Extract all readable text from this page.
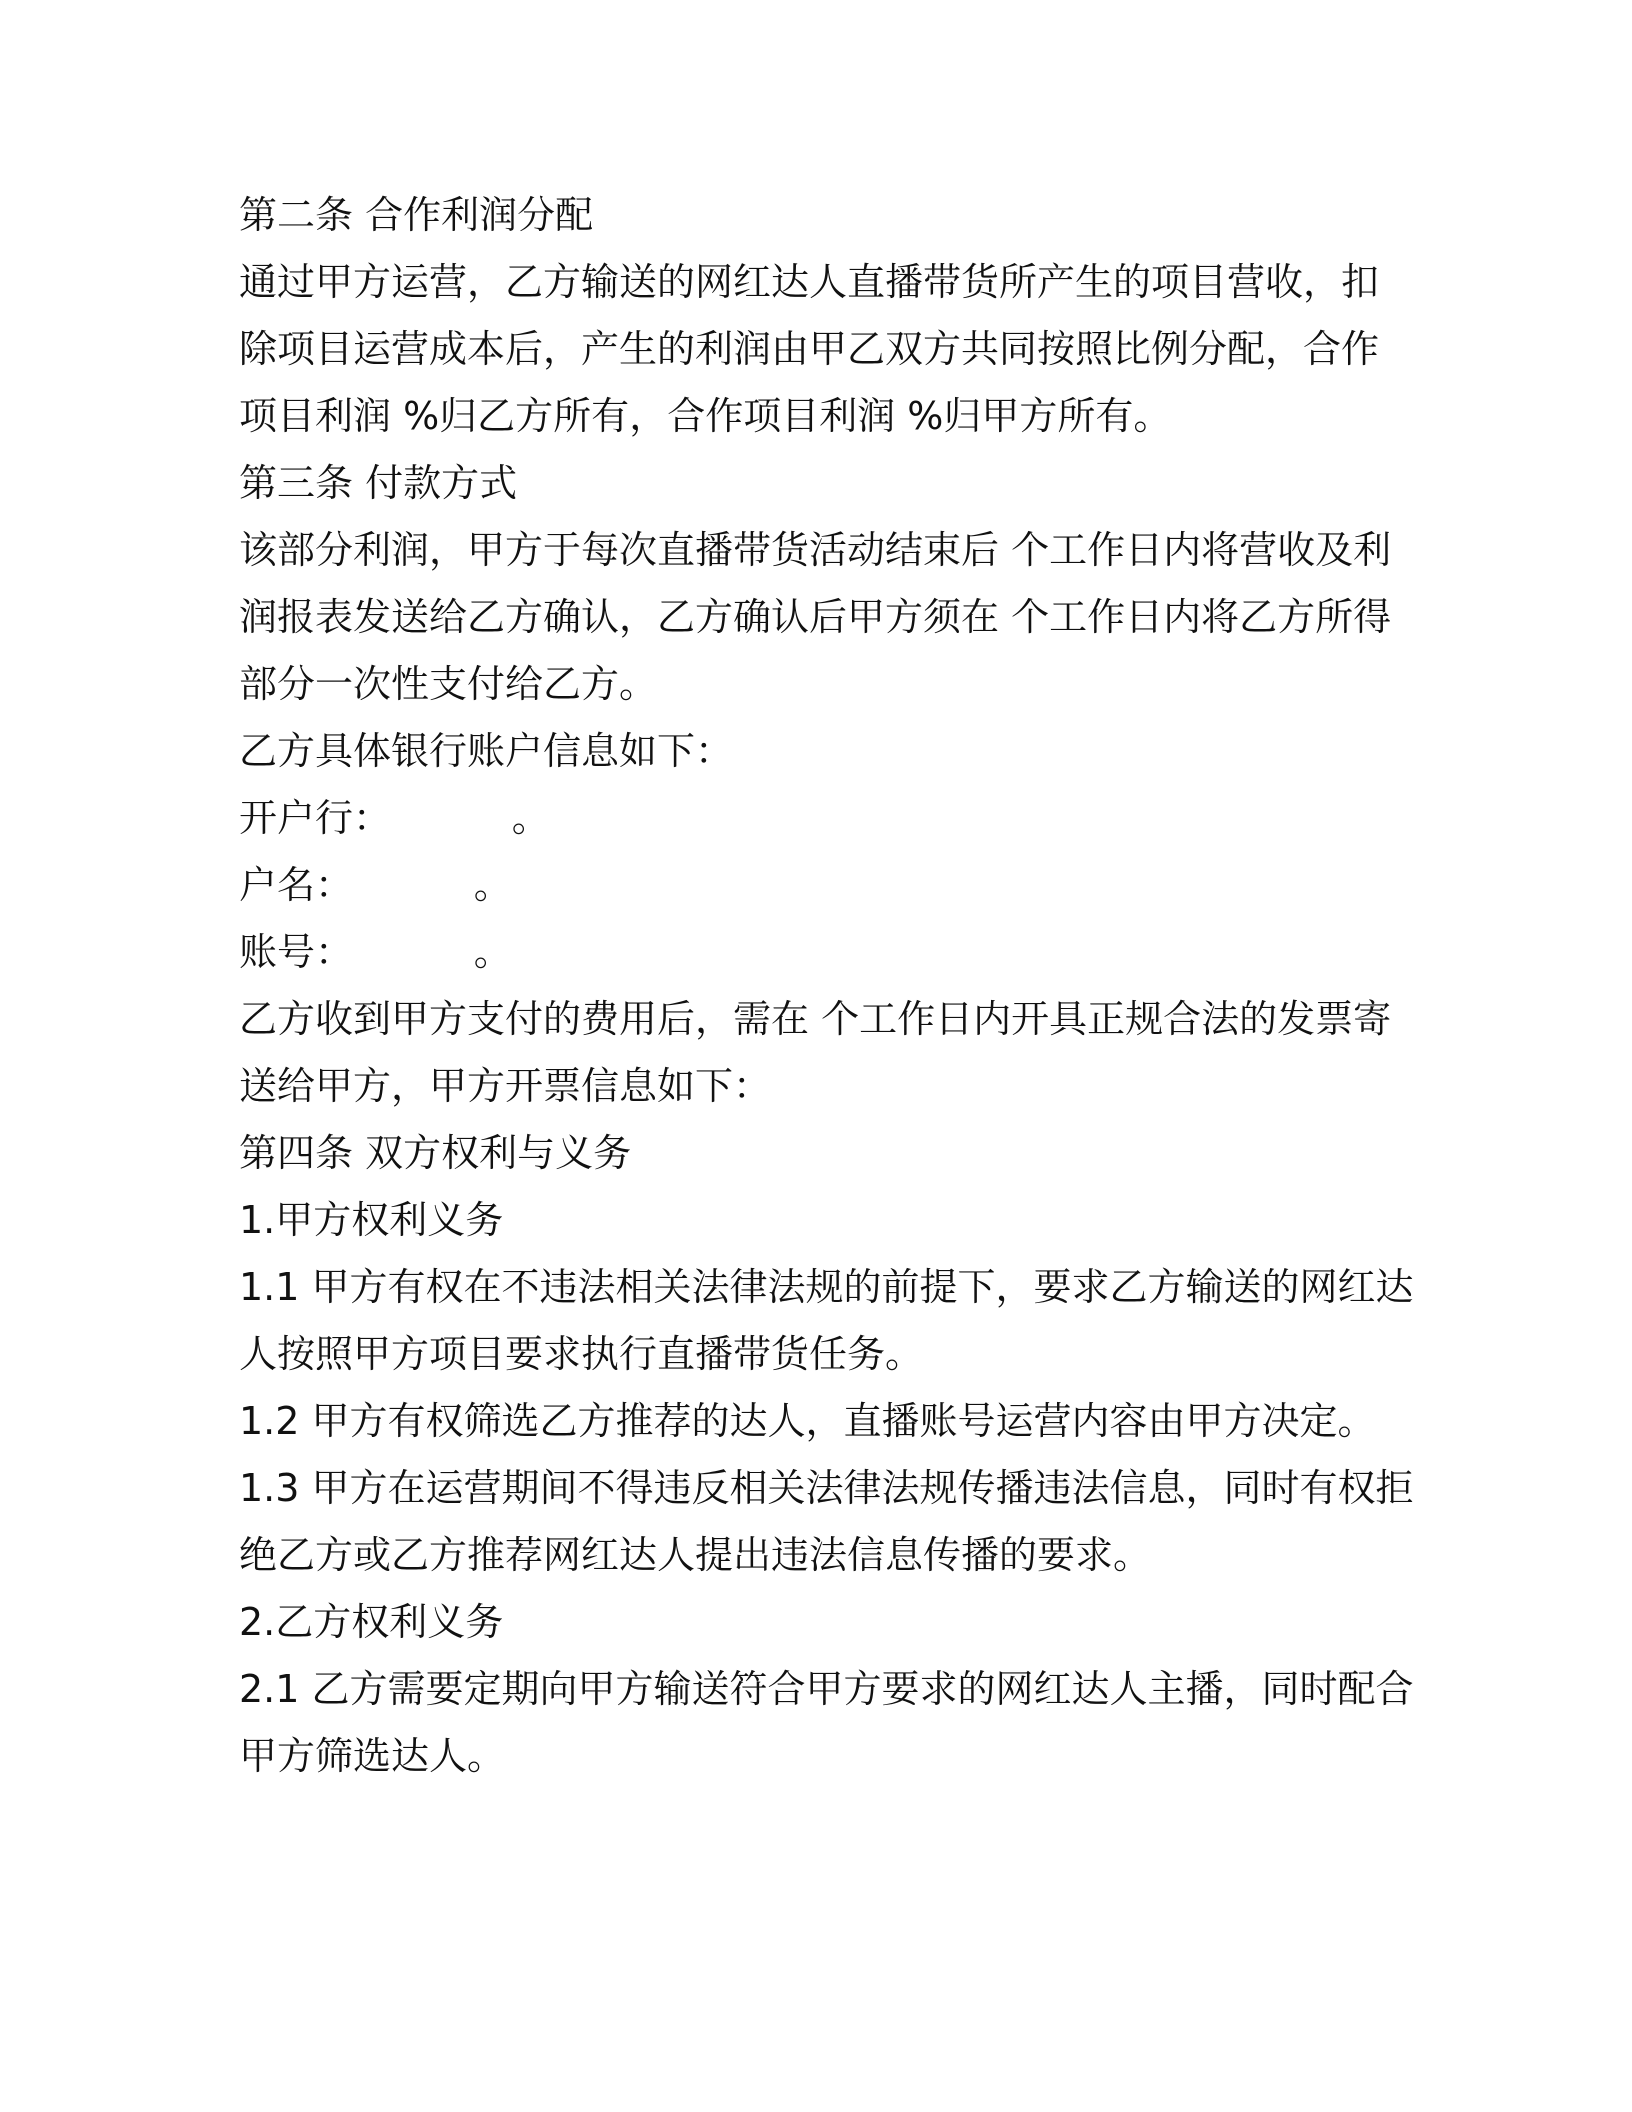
第二条 合作利润分配
通过甲方运营，乙方输送的网红达人直播带货所产生的项目营收，扣
除项目运营成本后，产生的利润由甲乙双方共同按照比例分配，合作
项目利润 %归乙方所有，合作项目利润 %归甲方所有。
第三条 付款方式
该部分利润，甲方于每次直播带货活动结束后 个工作日内将营收及利
润报表发送给乙方确认，乙方确认后甲方须在 个工作日内将乙方所得
部分一次性支付给乙方。
乙方具体银行账户信息如下：
开户行：          。
户名：          。
账号：          。
乙方收到甲方支付的费用后，需在 个工作日内开具正规合法的发票寄
送给甲方，甲方开票信息如下：
第四条 双方权利与义务
1.甲方权利义务
1.1 甲方有权在不违法相关法律法规的前提下，要求乙方输送的网红达
人按照甲方项目要求执行直播带货任务。
1.2 甲方有权筛选乙方推荐的达人，直播账号运营内容由甲方决定。
1.3 甲方在运营期间不得违反相关法律法规传播违法信息，同时有权拒
绝乙方或乙方推荐网红达人提出违法信息传播的要求。
2.乙方权利义务
2.1 乙方需要定期向甲方输送符合甲方要求的网红达人主播，同时配合
甲方筛选达人。
